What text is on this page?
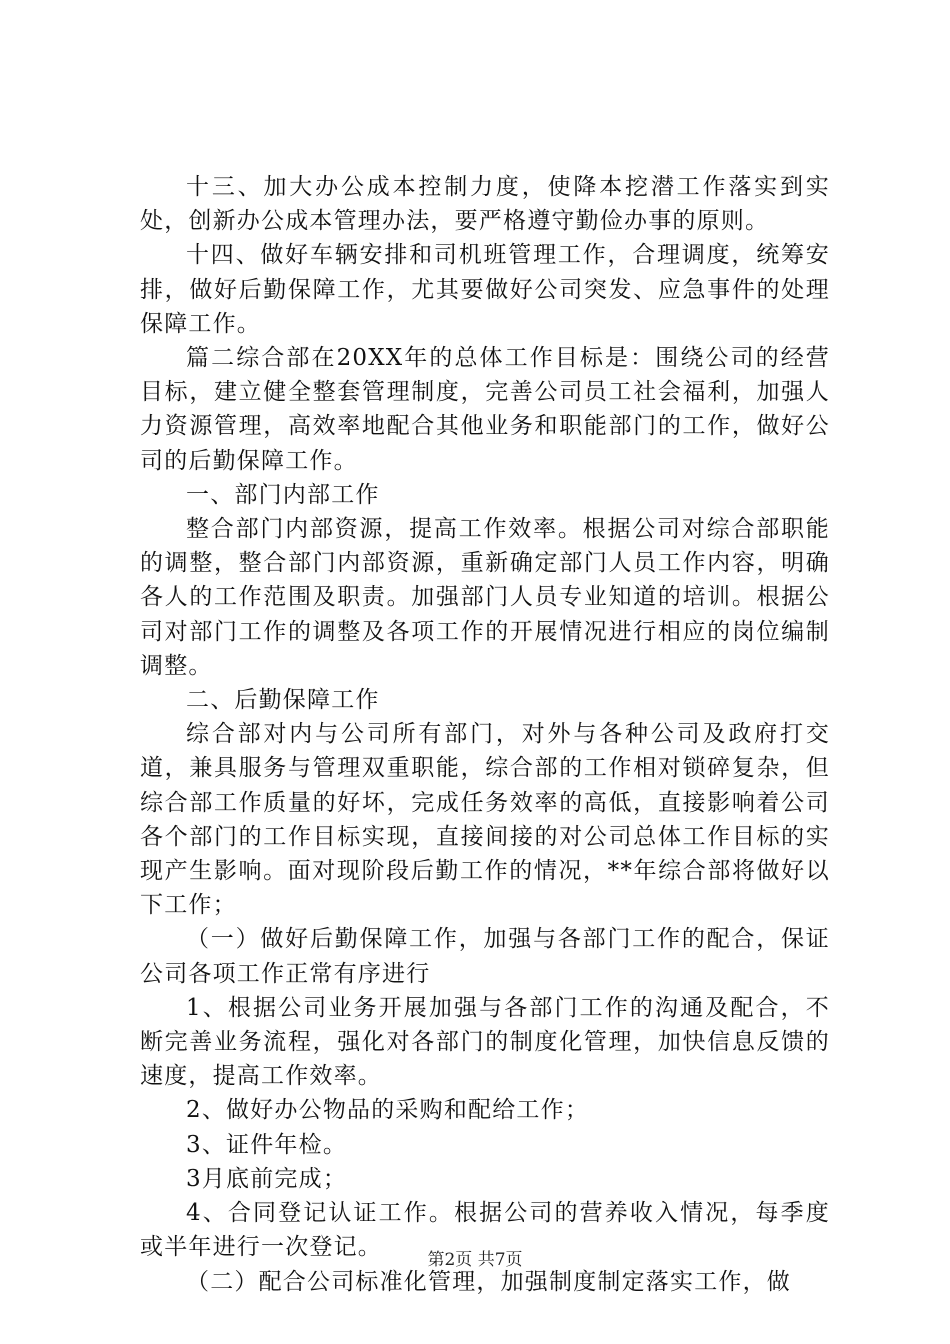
十三、加大办公成本控制力度，使降本挖潜工作落实到实处，创新办公成本管理办法，要严格遵守勤俭办事的原则。

十四、做好车辆安排和司机班管理工作，合理调度，统筹安排，做好后勤保障工作，尤其要做好公司突发、应急事件的处理保障工作。

篇二综合部在20XX年的总体工作目标是：围绕公司的经营目标，建立健全整套管理制度，完善公司员工社会福利，加强人力资源管理，高效率地配合其他业务和职能部门的工作，做好公司的后勤保障工作。

一、部门内部工作

整合部门内部资源，提高工作效率。根据公司对综合部职能的调整，整合部门内部资源，重新确定部门人员工作内容，明确各人的工作范围及职责。加强部门人员专业知道的培训。根据公司对部门工作的调整及各项工作的开展情况进行相应的岗位编制调整。

二、后勤保障工作

综合部对内与公司所有部门，对外与各种公司及政府打交道，兼具服务与管理双重职能，综合部的工作相对锁碎复杂，但综合部工作质量的好坏，完成任务效率的高低，直接影响着公司各个部门的工作目标实现，直接间接的对公司总体工作目标的实现产生影响。面对现阶段后勤工作的情况，**年综合部将做好以下工作；

（一）做好后勤保障工作，加强与各部门工作的配合，保证公司各项工作正常有序进行

1、根据公司业务开展加强与各部门工作的沟通及配合，不断完善业务流程，强化对各部门的制度化管理，加快信息反馈的速度，提高工作效率。

2、做好办公物品的采购和配给工作；

3、证件年检。

3月底前完成；

4、合同登记认证工作。根据公司的营养收入情况，每季度或半年进行一次登记。

（二）配合公司标准化管理，加强制度制定落实工作，做

第2页 共7页
